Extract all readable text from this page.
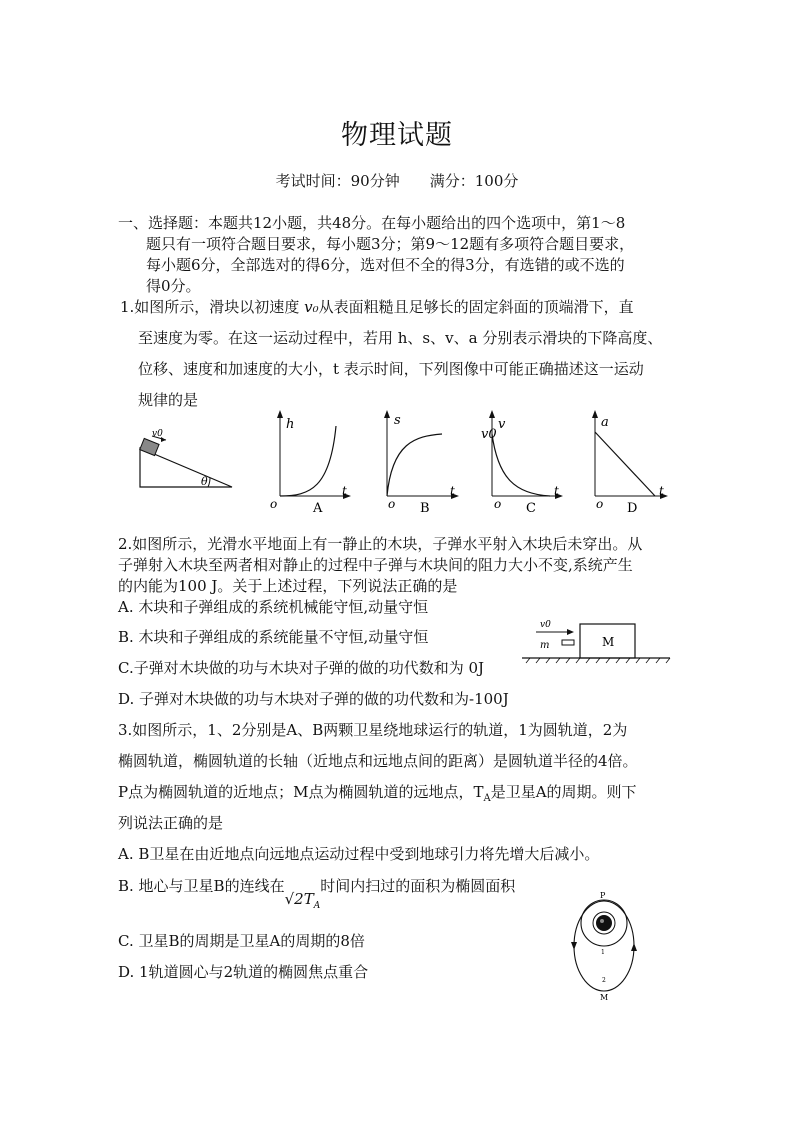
物理试题
考试时间：90分钟　　满分：100分
一、选择题：本题共12小题，共48分。在每小题给出的四个选项中，第1～8
题只有一项符合题目要求，每小题3分；第9～12题有多项符合题目要求，
每小题6分，全部选对的得6分，选对但不全的得3分，有选错的或不选的
得0分。
1.如图所示，滑块以初速度 v₀从表面粗糙且足够长的固定斜面的顶端滑下，直
至速度为零。在这一运动过程中，若用 h、s、v、a 分别表示滑块的下降高度、
位移、速度和加速度的大小，t 表示时间，下列图像中可能正确描述这一运动
规律的是
v0
θ
h
t
o	A
s
t
o B
v0
v
t
o C
a
t
o D
2.如图所示，光滑水平地面上有一静止的木块，子弹水平射入木块后未穿出。从
子弹射入木块至两者相对静止的过程中子弹与木块间的阻力大小不变,系统产生
的内能为100 J。关于上述过程，下列说法正确的是
A. 木块和子弹组成的系统机械能守恒,动量守恒
B. 木块和子弹组成的系统能量不守恒,动量守恒
C.子弹对木块做的功与木块对子弹的做的功代数和为 0J
D. 子弹对木块做的功与木块对子弹的做的功代数和为-100J
v0
m	M
3.如图所示，1、2分别是A、B两颗卫星绕地球运行的轨道，1为圆轨道，2为
椭圆轨道，椭圆轨道的长轴（近地点和远地点间的距离）是圆轨道半径的4倍。
P点为椭圆轨道的近地点；M点为椭圆轨道的远地点，$T_A$是卫星A的周期。则下
列说法正确的是
A. B卫星在由近地点向远地点运动过程中受到地球引力将先增大后减小。
B. 地心与卫星B的连线在$√2T_A$时间内扫过的面积为椭圆面积
C. 卫星B的周期是卫星A的周期的8倍
D. 1轨道圆心与2轨道的椭圆焦点重合
P
1
2
M
